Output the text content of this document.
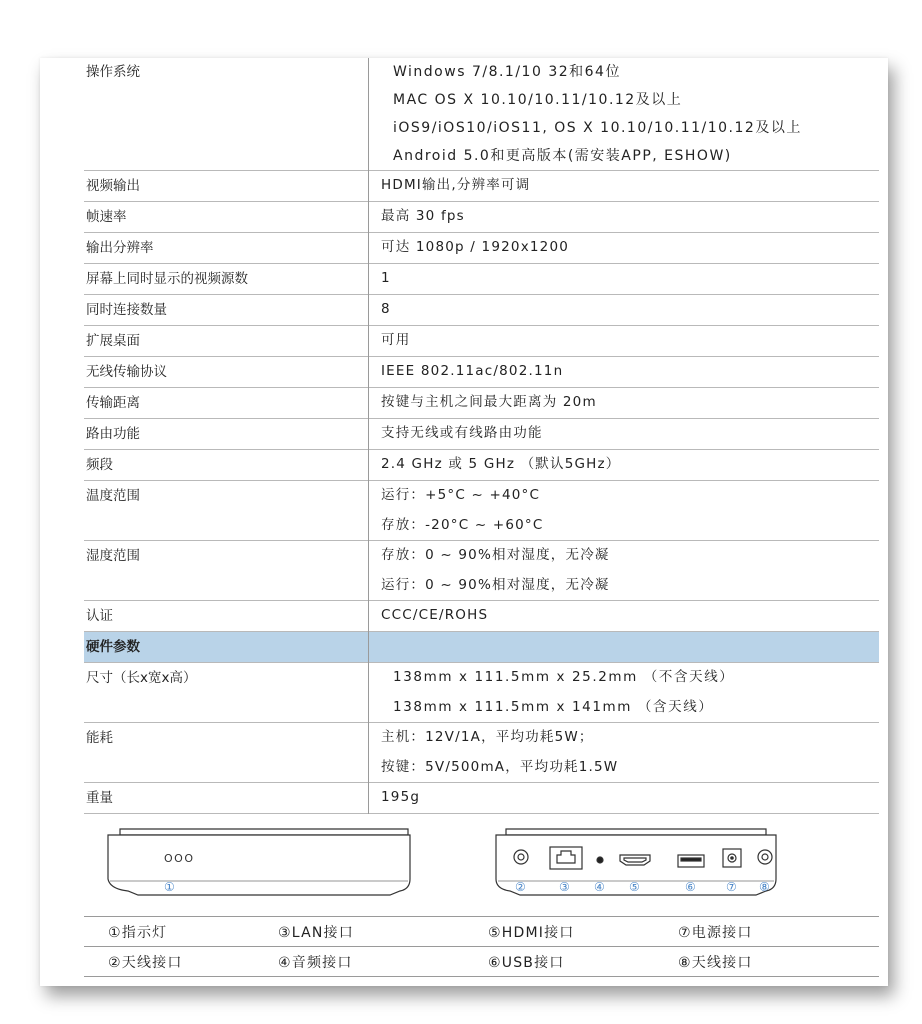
操作系统	Windows 7/8.1/10 32和64位
MAC OS X 10.10/10.11/10.12及以上
iOS9/iOS10/iOS11, OS X 10.10/10.11/10.12及以上
Android 5.0和更高版本(需安装APP, ESHOW)

视频输出	HDMI输出,分辨率可调

帧速率	最高 30 fps

输出分辨率	可达 1080p / 1920x1200

屏幕上同时显示的视频源数	1

同时连接数量	8

扩展桌面	可用

无线传输协议	IEEE 802.11ac/802.11n

传输距离	按键与主机之间最大距离为 20m

路由功能	支持无线或有线路由功能

频段	2.4 GHz 或 5 GHz （默认5GHz）

温度范围	运行：+5°C ~ +40°C
存放：-20°C ~ +60°C

湿度范围	存放：0 ~ 90%相对湿度，无冷凝
运行：0 ~ 90%相对湿度，无冷凝

认证	CCC/CE/ROHS

硬件参数	

尺寸（长x宽x高）	138mm x 111.5mm x 25.2mm （不含天线）
138mm x 111.5mm x 141mm （含天线）

能耗	主机：12V/1A，平均功耗5W；
按键：5V/500mA，平均功耗1.5W

重量	195g
OOO
①	②	③ ④ ⑤	⑥	⑦ ⑧
①指示灯	③LAN接口	⑤HDMI接口	⑦电源接口
②天线接口	④音频接口	⑥USB接口	⑧天线接口
